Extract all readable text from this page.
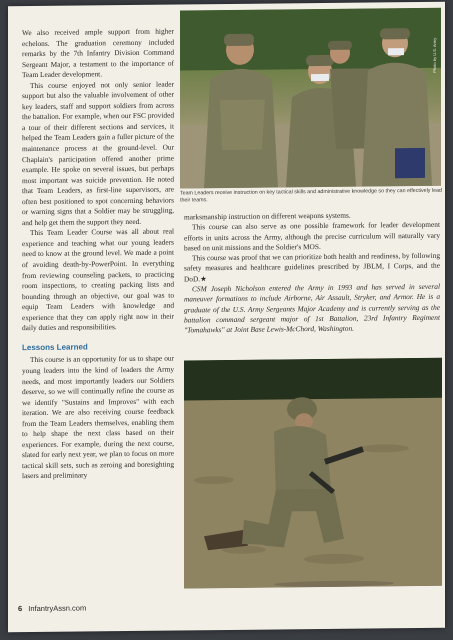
We also received ample support from higher echelons. The graduation ceremony included remarks by the 7th Infantry Division Command Sergeant Major, a testament to the importance of Team Leader development.

This course enjoyed not only senior leader support but also the valuable involvement of other key leaders, staff and support soldiers from across the battalion. For example, when our FSC provided a tour of their different sections and services, it helped the Team Leaders gain a fuller picture of the maintenance process at the ground-level. Our Chaplain's participation offered another prime example. He spoke on several issues, but perhaps most important was suicide prevention. He noted that Team Leaders, as first-line supervisors, are often best positioned to spot concerning behaviors or warning signs that a Soldier may be struggling, and help get them the support they need.

This Team Leader Course was all about real experience and teaching what our young leaders need to know at the ground level. We made a point of avoiding death-by-PowerPoint. In everything from reviewing counseling packets, to practicing room inspections, to creating packing lists and bounding through an objective, our goal was to equip Team Leaders with knowledge and experience that they can apply right now in their daily duties and responsibilities.

Lessons Learned

This course is an opportunity for us to shape our young leaders into the kind of leaders the Army needs, and most importantly leaders our Soldiers deserve, so we will continually refine the course as we identify "Sustains and Improves" with each iteration. We are also receiving course feedback from the Team Leaders themselves, enabling them to help shape the next class based on their experiences. For example, during the next course, slated for early next year, we plan to focus on more tactical skill sets, such as zeroing and boresighting lasers and preliminary

Photo by U.S. Army
Team Leaders receive instruction on key tactical skills and administrative knowledge so they can effectively lead their teams.

marksmanship instruction on different weapons systems.

This course can also serve as one possible framework for leader development efforts in units across the Army, although the precise curriculum will naturally vary based on unit missions and the Soldier's MOS.

This course was proof that we can prioritize both health and readiness, by following safety measures and healthcare guidelines prescribed by JBLM, I Corps, and the DoD.★

CSM Joseph Nicholson entered the Army in 1993 and has served in several maneuver formations to include Airborne, Air Assault, Stryker, and Armor. He is a graduate of the U.S. Army Sergeants Major Academy and is currently serving as the battalion command sergeant major of 1st Battalion, 23rd Infantry Regiment "Tomahawks" at Joint Base Lewis-McChord, Washington.

6 InfantryAssn.com
